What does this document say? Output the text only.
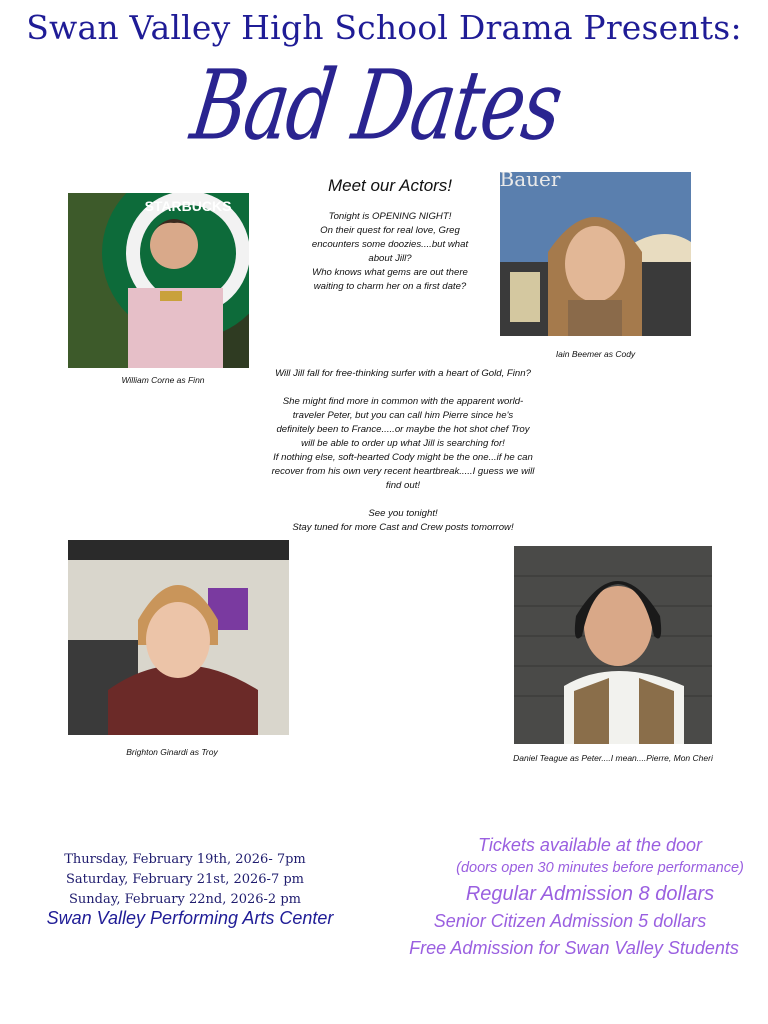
Swan Valley High School Drama Presents:
Bad Dates
Meet our Actors!

Tonight is OPENING NIGHT!

On their quest for real love, Greg

encounters some doozies....but what

about Jill?

Who knows what gems are out there

waiting to charm her on a first date?

STARBUCKS
William Corne as Finn
Bauer
Iain Beemer as Cody

Will Jill fall for free-thinking surfer with a heart of Gold, Finn?

She might find more in common with the apparent world-

traveler Peter, but you can call him Pierre since he's

definitely been to France.....or maybe the hot shot chef Troy

will be able to order up what Jill is searching for!

If nothing else, soft-hearted Cody might be the one...if he can

recover from his own very recent heartbreak.....I guess we will

find out!

See you tonight!

Stay tuned for more Cast and Crew posts tomorrow!

Brighton Ginardi as Troy
Daniel Teague as Peter....I mean....Pierre, Mon Cheri
Thursday, February 19th, 2026- 7pm
Saturday, February 21st, 2026-7 pm
Sunday, February 22nd, 2026-2 pm
Swan Valley Performing Arts Center
Tickets available at the door
(doors open 30 minutes before performance)
Regular Admission 8 dollars
Senior Citizen Admission 5 dollars
Free Admission for Swan Valley Students
